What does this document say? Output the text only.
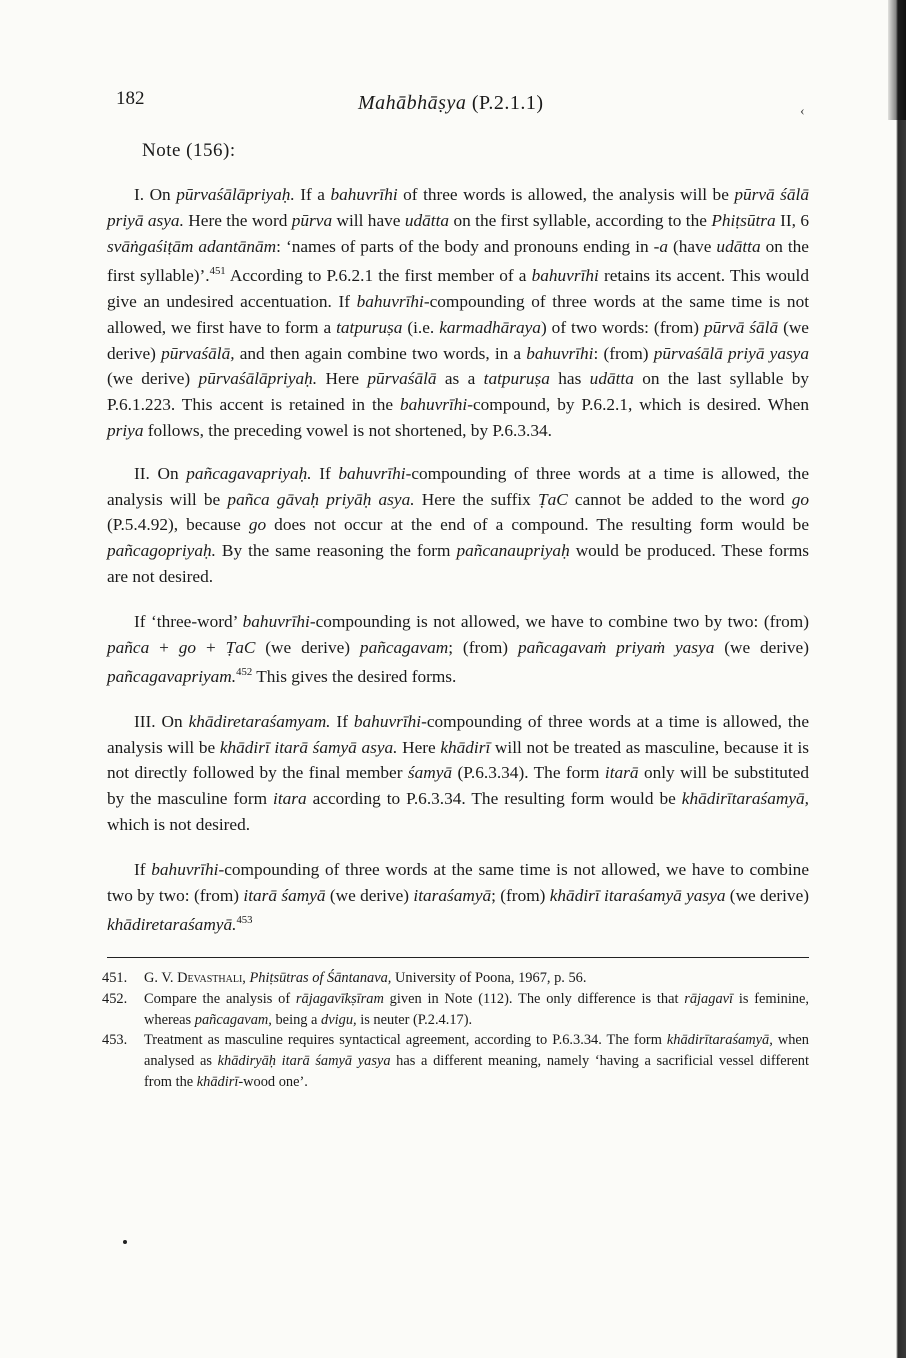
182	Mahābhāṣya (P.2.1.1)	‹
Note (156):

I. On pūrvaśālāpriyaḥ. If a bahuvrīhi of three words is allowed, the analysis will be pūrvā śālā priyā asya. Here the word pūrva will have udātta on the first syllable, according to the Phiṭsūtra II, 6 svāṅgaśiṭām adantānām: ‘names of parts of the body and pronouns ending in -a (have udātta on the first syllable)’.$^{451}$ According to P.6.2.1 the first member of a bahuvrīhi retains its accent. This would give an undesired accentuation. If bahuvrīhi-compounding of three words at the same time is not allowed, we first have to form a tatpuruṣa (i.e. karmadhāraya) of two words: (from) pūrvā śālā (we derive) pūrvaśālā, and then again combine two words, in a bahuvrīhi: (from) pūrvaśālā priyā yasya (we derive) pūrvaśālāpriyaḥ. Here pūrvaśālā as a tatpuruṣa has udātta on the last syllable by P.6.1.223. This accent is retained in the bahuvrīhi-compound, by P.6.2.1, which is desired. When priya follows, the preceding vowel is not shortened, by P.6.3.34.

II. On pañcagavapriyaḥ. If bahuvrīhi-compounding of three words at a time is allowed, the analysis will be pañca gāvaḥ priyāḥ asya. Here the suffix ṬaC cannot be added to the word go (P.5.4.92), because go does not occur at the end of a compound. The resulting form would be pañcagopriyaḥ. By the same reasoning the form pañcanaupriyaḥ would be produced. These forms are not desired.

If ‘three-word’ bahuvrīhi-compounding is not allowed, we have to combine two by two: (from) pañca + go + ṬaC (we derive) pañcagavam; (from) pañcagavaṁ priyaṁ yasya (we derive) pañcagavapriyam.$^{452}$ This gives the desired forms.

III. On khādiretaraśamyam. If bahuvrīhi-compounding of three words at a time is allowed, the analysis will be khādirī itarā śamyā asya. Here khādirī will not be treated as masculine, because it is not directly followed by the final member śamyā (P.6.3.34). The form itarā only will be substituted by the masculine form itara according to P.6.3.34. The resulting form would be khādirītaraśamyā, which is not desired.

If bahuvrīhi-compounding of three words at the same time is not allowed, we have to combine two by two: (from) itarā śamyā (we derive) itaraśamyā; (from) khādirī itaraśamyā yasya (we derive) khādiretaraśamyā.$^{453}$

451.	G. V. Devasthali, Phiṭsūtras of Śāntanava, University of Poona, 1967, p. 56.
452.	Compare the analysis of rājagavīkṣīram given in Note (112). The only difference is that rājagavī is feminine, whereas pañcagavam, being a dvigu, is neuter (P.2.4.17).
453.	Treatment as masculine requires syntactical agreement, according to P.6.3.34. The form khādirītaraśamyā, when analysed as khādiryāḥ itarā śamyā yasya has a different meaning, namely ‘having a sacrificial vessel different from the khādirī-wood one’.
